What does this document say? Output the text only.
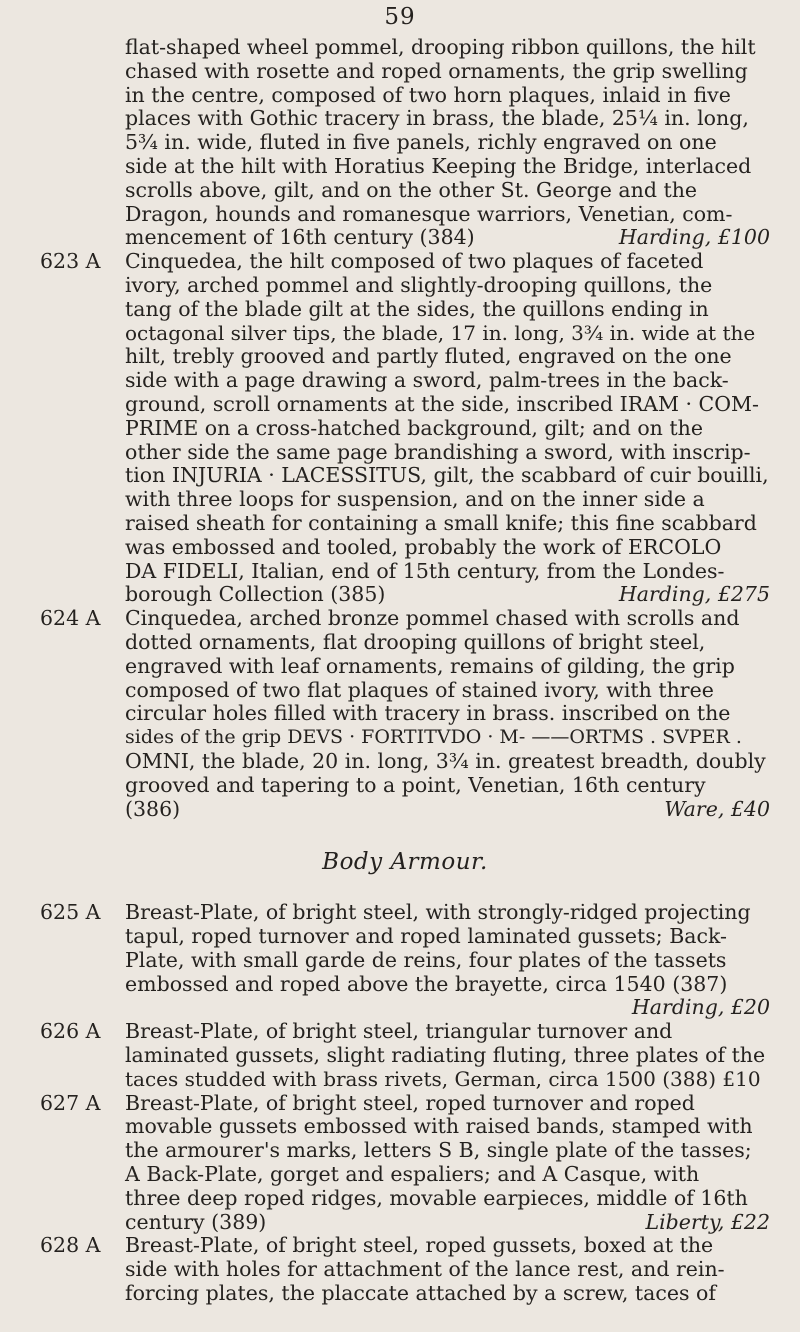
59
flat-shaped wheel pommel, drooping ribbon quillons, the hilt
chased with rosette and roped ornaments, the grip swelling
in the centre, composed of two horn plaques, inlaid in five
places with Gothic tracery in brass, the blade, 25¼ in. long,
5¾ in. wide, fluted in five panels, richly engraved on one
side at the hilt with Horatius Keeping the Bridge, interlaced
scrolls above, gilt, and on the other St. George and the
Dragon, hounds and romanesque warriors, Venetian, com-
mencement of 16th century (384)	Harding, £100
623 A	Cinquedea, the hilt composed of two plaques of faceted
ivory, arched pommel and slightly-drooping quillons, the
tang of the blade gilt at the sides, the quillons ending in
octagonal silver tips, the blade, 17 in. long, 3¾ in. wide at the
hilt, trebly grooved and partly fluted, engraved on the one
side with a page drawing a sword, palm-trees in the back-
ground, scroll ornaments at the side, inscribed IRAM · COM-
PRIME on a cross-hatched background, gilt; and on the
other side the same page brandishing a sword, with inscrip-
tion INJURIA · LACESSITUS, gilt, the scabbard of cuir bouilli,
with three loops for suspension, and on the inner side a
raised sheath for containing a small knife; this fine scabbard
was embossed and tooled, probably the work of ERCOLO
DA FIDELI, Italian, end of 15th century, from the Londes-
borough Collection (385)	Harding, £275
624 A	Cinquedea, arched bronze pommel chased with scrolls and
dotted ornaments, flat drooping quillons of bright steel,
engraved with leaf ornaments, remains of gilding, the grip
composed of two flat plaques of stained ivory, with three
circular holes filled with tracery in brass. inscribed on the
sides of the grip DEVS · FORTITVDO · M- ——ORTMS . SVPER .
OMNI, the blade, 20 in. long, 3¾ in. greatest breadth, doubly
grooved and tapering to a point, Venetian, 16th century
(386)	Ware, £40
Body Armour.
625 A	Breast-Plate, of bright steel, with strongly-ridged projecting
tapul, roped turnover and roped laminated gussets; Back-
Plate, with small garde de reins, four plates of the tassets
embossed and roped above the brayette, circa 1540 (387)
Harding, £20
626 A	Breast-Plate, of bright steel, triangular turnover and
laminated gussets, slight radiating fluting, three plates of the
taces studded with brass rivets, German, circa 1500 (388) £10
627 A	Breast-Plate, of bright steel, roped turnover and roped
movable gussets embossed with raised bands, stamped with
the armourer's marks, letters S B, single plate of the tasses;
A Back-Plate, gorget and espaliers; and A Casque, with
three deep roped ridges, movable earpieces, middle of 16th
century (389)	Liberty, £22
628 A	Breast-Plate, of bright steel, roped gussets, boxed at the
side with holes for attachment of the lance rest, and rein-
forcing plates, the placcate attached by a screw, taces of
